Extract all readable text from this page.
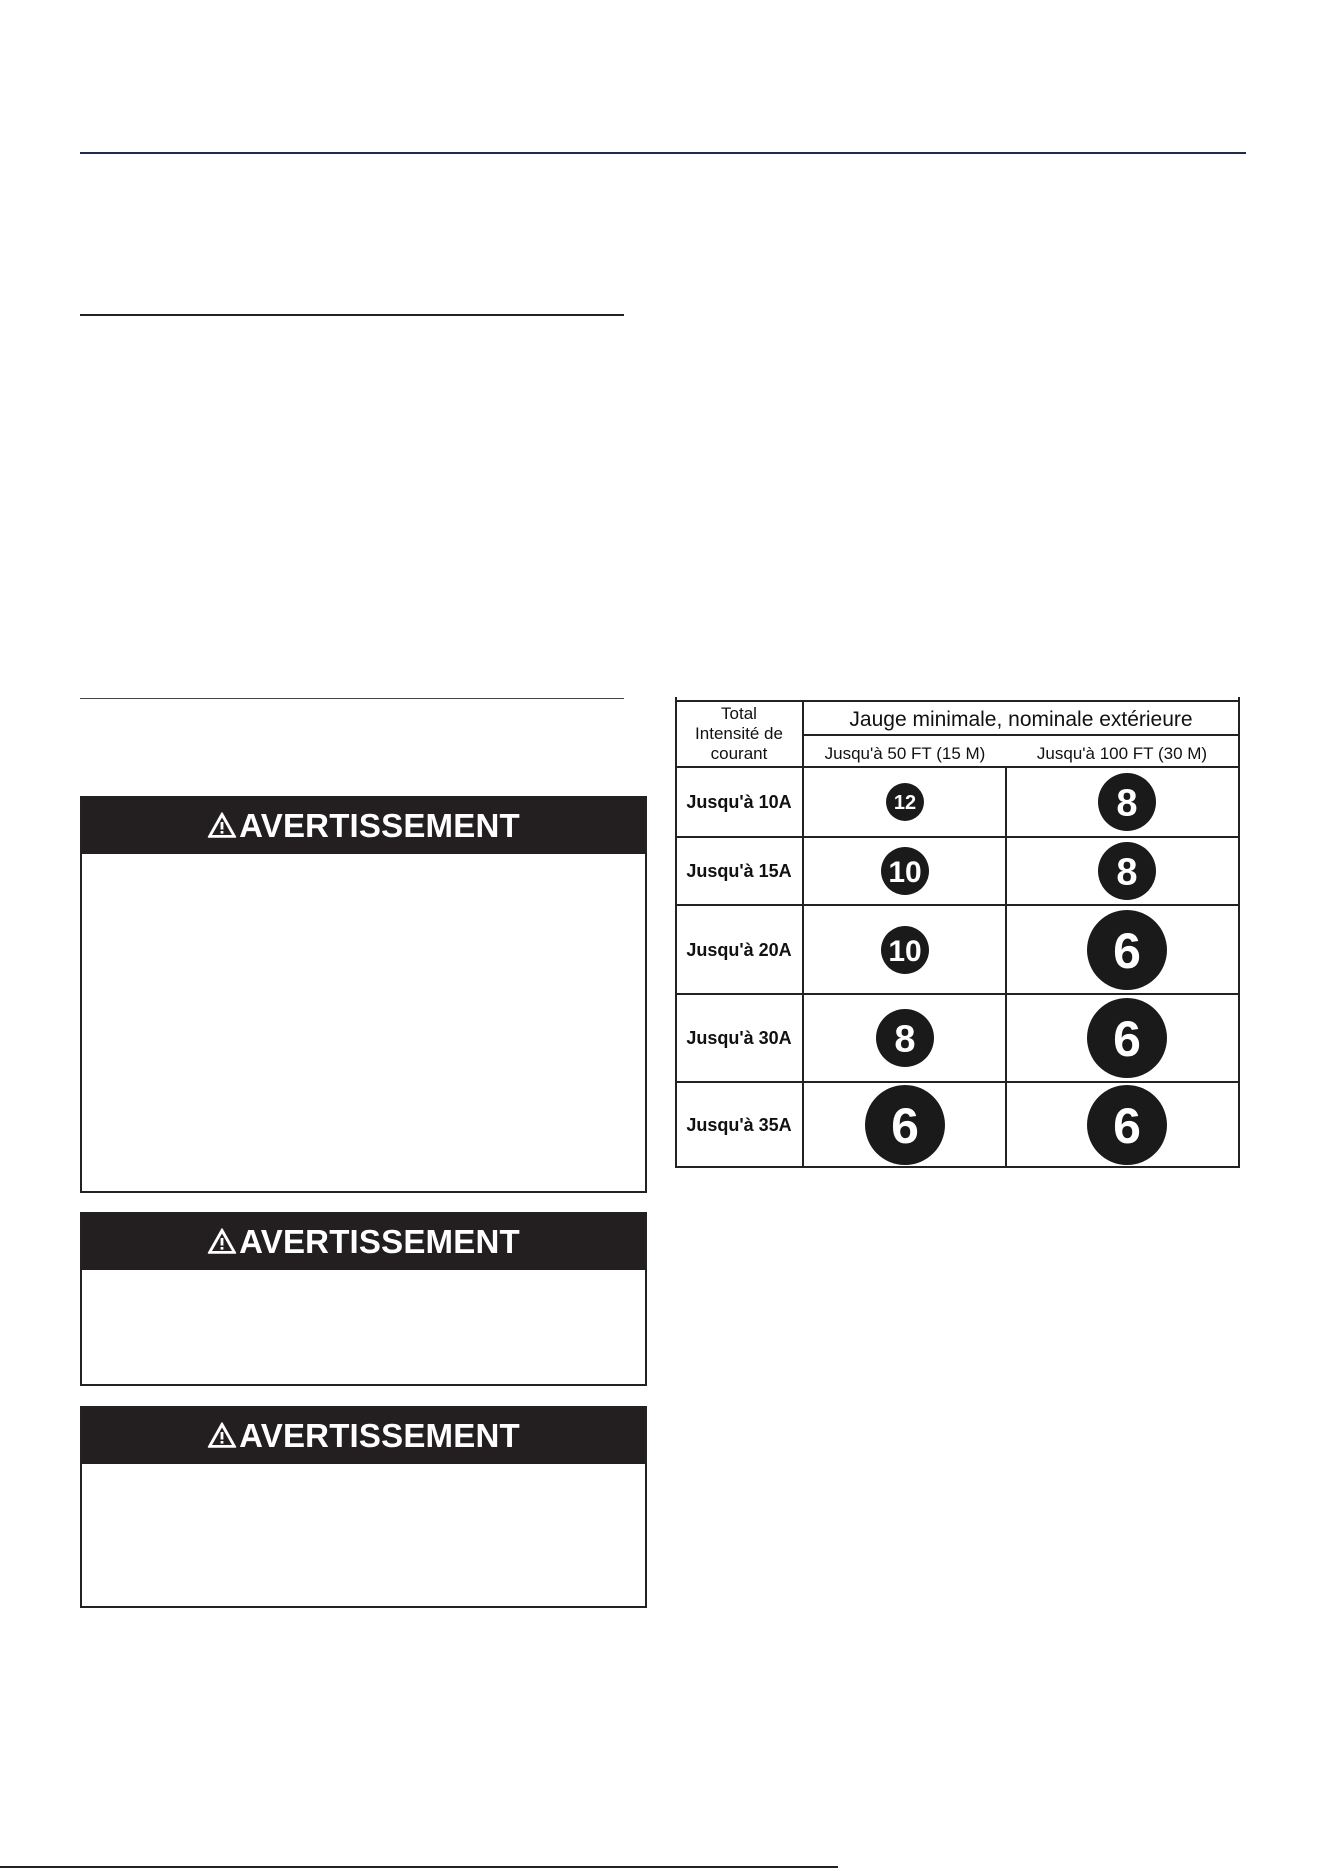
AVERTISSEMENT
AVERTISSEMENT
AVERTISSEMENT
Total
Intensité de
courant
Jauge minimale, nominale extérieure
Jusqu'à 50 FT (15 M)	Jusqu'à 100 FT (30 M)
Jusqu'à 10A	12	8
Jusqu'à 15A	10	8
Jusqu'à 20A	10	6
Jusqu'à 30A	8	6
Jusqu'à 35A 6	6
